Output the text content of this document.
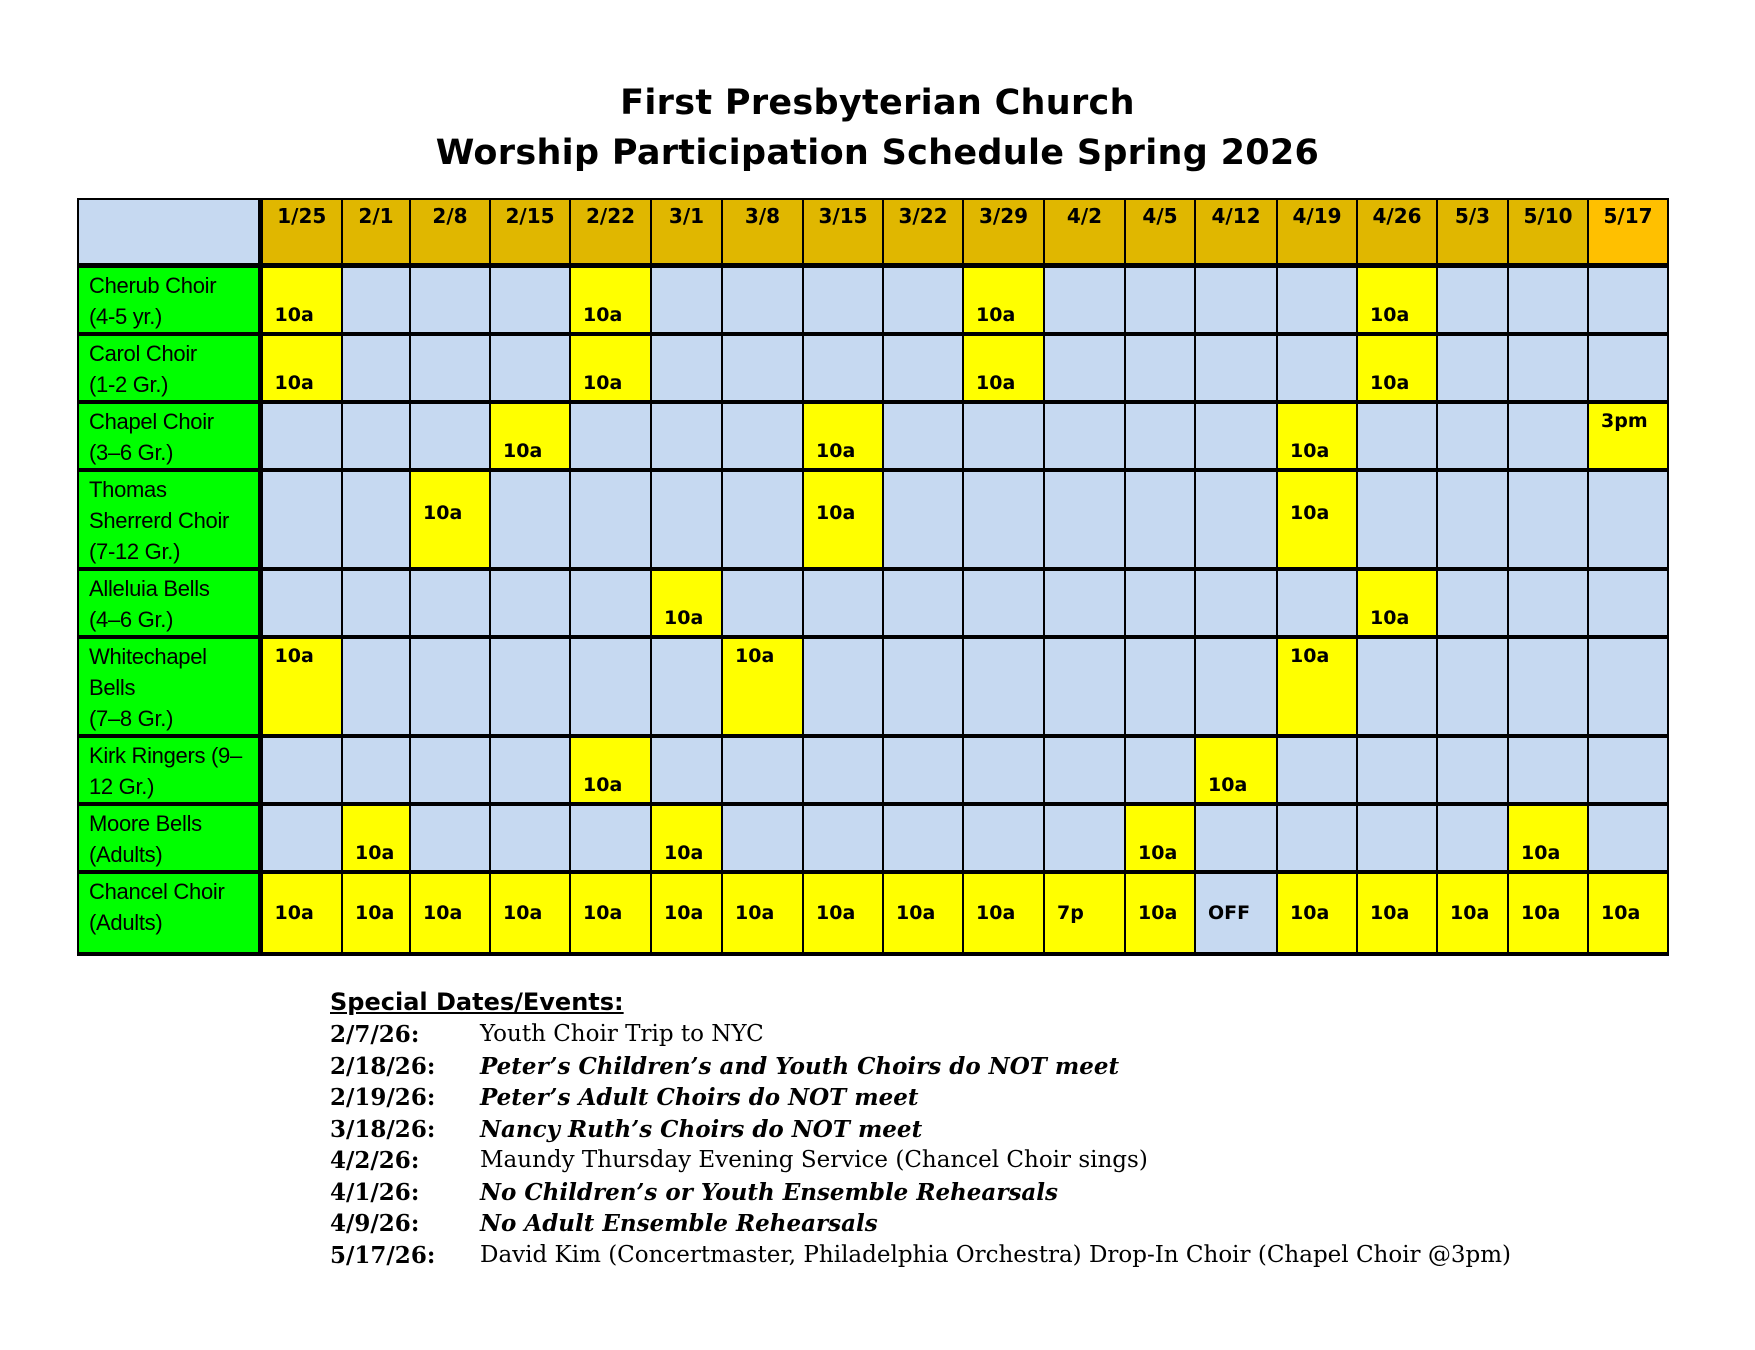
First Presbyterian Church
Worship Participation Schedule Spring 2026
	1/25	2/1	2/8	2/15	2/22	3/1	3/8	3/15	3/22	3/29	4/2	4/5	4/12	4/19	4/26	5/3	5/10	5/17

Cherub Choir
(4-5 yr.)	10a				10a					10a					10a			

Carol Choir
(1-2 Gr.)	10a				10a					10a					10a			

Chapel Choir
(3–6 Gr.)				10a				10a						10a				3pm

Thomas Sherrerd Choir
(7-12 Gr.)			10a					10a						10a				

Alleluia Bells
(4–6 Gr.)						10a									10a			

Whitechapel Bells
(7–8 Gr.)	10a						10a							10a				

Kirk Ringers (9–12 Gr.)					10a								10a					

Moore Bells
(Adults)		10a				10a						10a					10a	

Chancel Choir
(Adults)	10a	10a	10a	10a	10a	10a	10a	10a	10a	10a	7p	10a	OFF	10a	10a	10a	10a	10a
Special Dates/Events:
2/7/26:	Youth Choir Trip to NYC
2/18/26:	Peter’s Children’s and Youth Choirs do NOT meet
2/19/26:	Peter’s Adult Choirs do NOT meet
3/18/26:	Nancy Ruth’s Choirs do NOT meet
4/2/26:	Maundy Thursday Evening Service (Chancel Choir sings)
4/1/26:	No Children’s or Youth Ensemble Rehearsals
4/9/26:	No Adult Ensemble Rehearsals
5/17/26:	David Kim (Concertmaster, Philadelphia Orchestra) Drop-In Choir (Chapel Choir @3pm)
